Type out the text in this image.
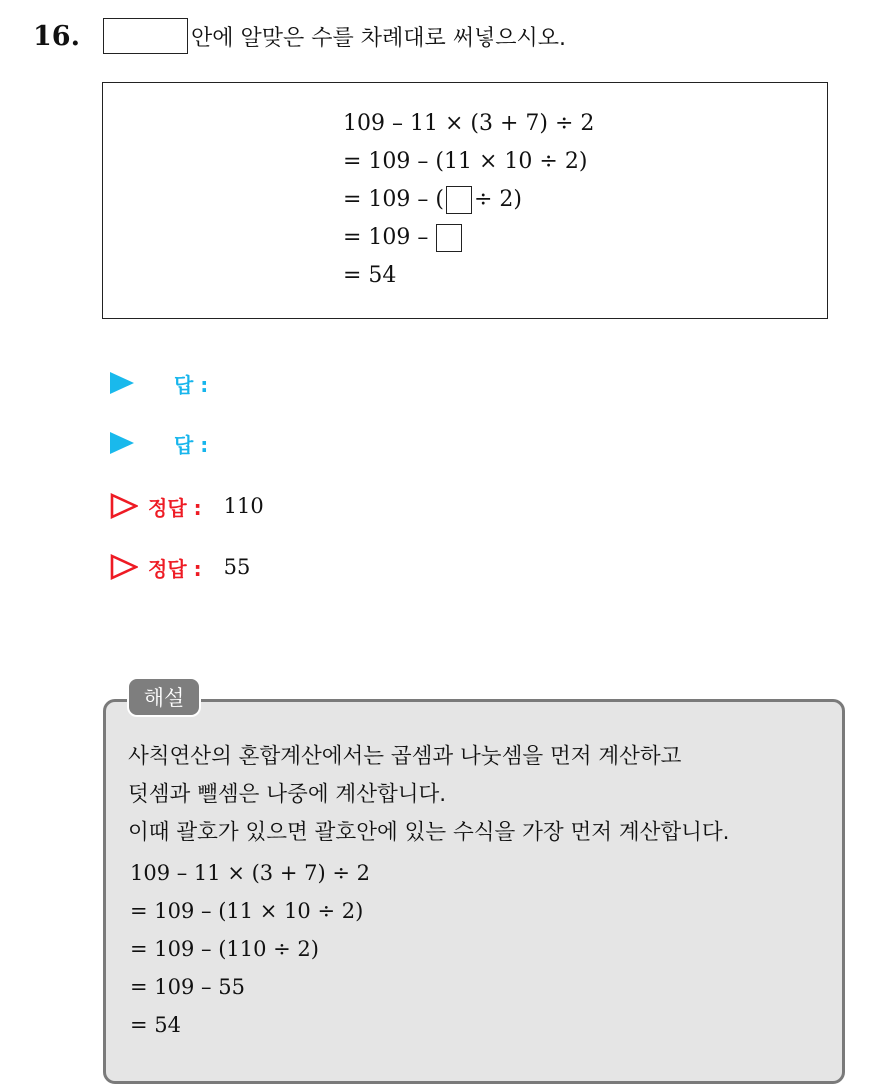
16.	안에 알맞은 수를 차례대로 써넣으시오.
109 – 11 × (3 + 7) ÷ 2
= 109 – (11 × 10 ÷ 2)
= 109 – ( ÷ 2)
= 109 –
= 54
답 :
답 :
정답 : 110
정답 : 55
사칙연산의 혼합계산에서는 곱셈과 나눗셈을 먼저 계산하고
덧셈과 뺄셈은 나중에 계산합니다.
이때 괄호가 있으면 괄호안에 있는 수식을 가장 먼저 계산합니다.
109 – 11 × (3 + 7) ÷ 2
= 109 – (11 × 10 ÷ 2)
= 109 – (110 ÷ 2)
= 109 – 55
= 54
해설
